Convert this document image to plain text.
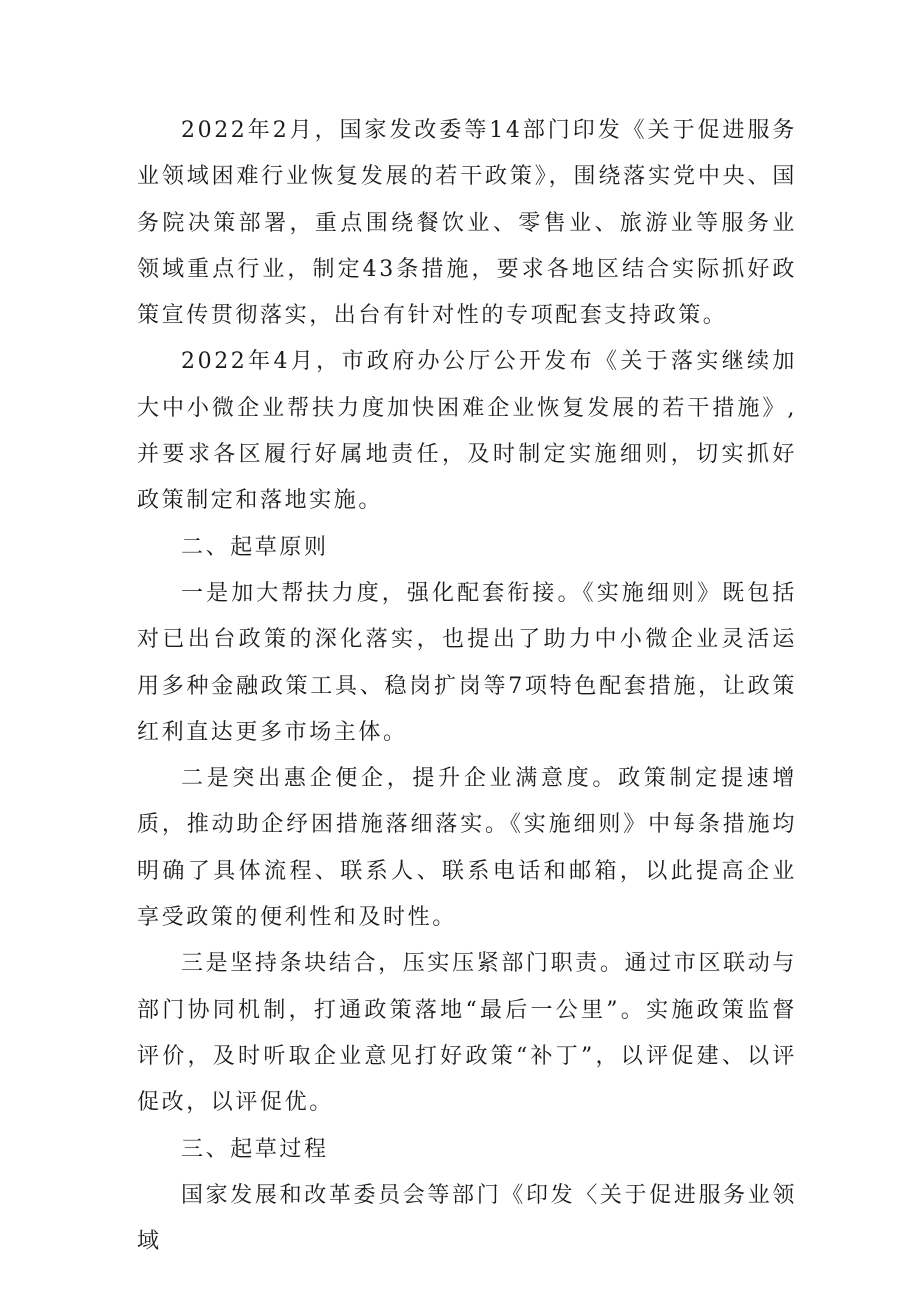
2022年2月，国家发改委等14部门印发《关于促进服务业领域困难行业恢复发展的若干政策》，围绕落实党中央、国务院决策部署，重点围绕餐饮业、零售业、旅游业等服务业领域重点行业，制定43条措施，要求各地区结合实际抓好政策宣传贯彻落实，出台有针对性的专项配套支持政策。

2022年4月，市政府办公厅公开发布《关于落实继续加大中小微企业帮扶力度加快困难企业恢复发展的若干措施》,并要求各区履行好属地责任，及时制定实施细则，切实抓好政策制定和落地实施。

二、起草原则

一是加大帮扶力度，强化配套衔接。《实施细则》既包括对已出台政策的深化落实，也提出了助力中小微企业灵活运用多种金融政策工具、稳岗扩岗等7项特色配套措施，让政策红利直达更多市场主体。

二是突出惠企便企，提升企业满意度。政策制定提速增质，推动助企纾困措施落细落实。《实施细则》中每条措施均明确了具体流程、联系人、联系电话和邮箱，以此提高企业享受政策的便利性和及时性。

三是坚持条块结合，压实压紧部门职责。通过市区联动与部门协同机制，打通政策落地“最后一公里”。实施政策监督评价，及时听取企业意见打好政策“补丁”，以评促建、以评促改，以评促优。

三、起草过程

国家发展和改革委员会等部门《印发〈关于促进服务业领域
